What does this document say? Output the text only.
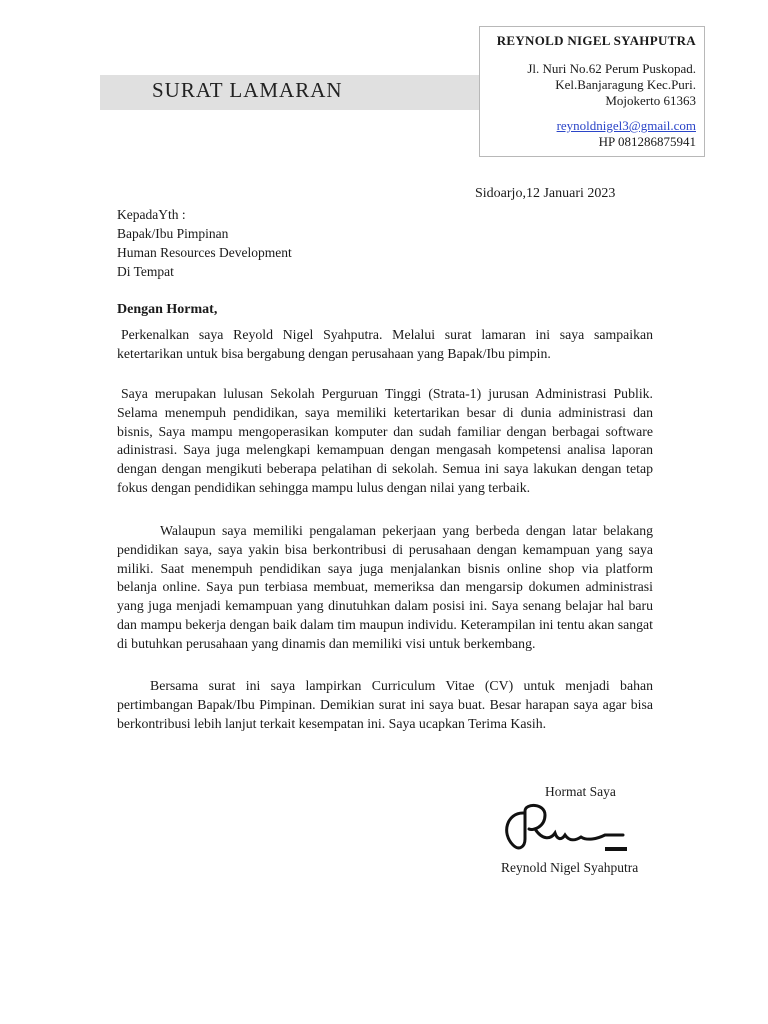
SURAT LAMARAN
REYNOLD NIGEL SYAHPUTRA
Jl. Nuri No.62 Perum Puskopad.
Kel.Banjaragung Kec.Puri.
Mojokerto 61363
reynoldnigel3@gmail.com
HP 081286875941
Sidoarjo,12 Januari 2023
KepadaYth :
Bapak/Ibu Pimpinan
Human Resources Development
Di Tempat
Dengan Hormat,

Perkenalkan saya Reyold Nigel Syahputra. Melalui surat lamaran ini saya sampaikan ketertarikan untuk bisa bergabung dengan perusahaan yang Bapak/Ibu pimpin.

Saya merupakan lulusan Sekolah Perguruan Tinggi (Strata-1) jurusan Administrasi Publik. Selama menempuh pendidikan, saya memiliki ketertarikan besar di dunia administrasi dan bisnis, Saya mampu mengoperasikan komputer dan sudah familiar dengan berbagai software adinistrasi. Saya juga melengkapi kemampuan dengan mengasah kompetensi analisa laporan dengan dengan mengikuti beberapa pelatihan di sekolah. Semua ini saya lakukan dengan tetap fokus dengan pendidikan sehingga mampu lulus dengan nilai yang terbaik.

Walaupun saya memiliki pengalaman pekerjaan yang berbeda dengan latar belakang pendidikan saya, saya yakin bisa berkontribusi di perusahaan dengan kemampuan yang saya miliki. Saat menempuh pendidikan saya juga menjalankan bisnis online shop via platform belanja online. Saya pun terbiasa membuat, memeriksa dan mengarsip dokumen administrasi yang juga menjadi kemampuan yang dinutuhkan dalam posisi ini. Saya senang belajar hal baru dan mampu bekerja dengan baik dalam tim maupun individu. Keterampilan ini tentu akan sangat di butuhkan perusahaan yang dinamis dan memiliki visi untuk berkembang.

Bersama surat ini saya lampirkan Curriculum Vitae (CV) untuk menjadi bahan pertimbangan Bapak/Ibu Pimpinan. Demikian surat ini saya buat. Besar harapan saya agar bisa berkontribusi lebih lanjut terkait kesempatan ini. Saya ucapkan Terima Kasih.

Hormat Saya
Reynold Nigel Syahputra
